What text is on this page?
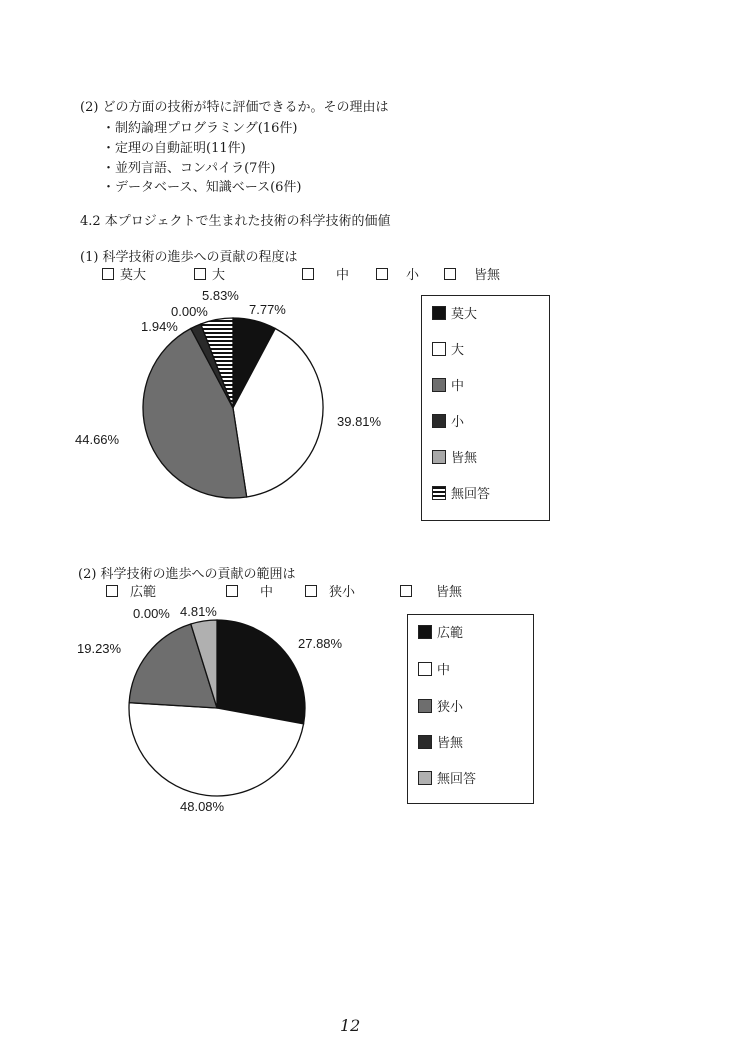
(2) どの方面の技術が特に評価できるか。その理由は
・制約論理プログラミング(16件)
・定理の自動証明(11件)
・並列言語、コンパイラ(7件)
・データベース、知識ベース(6件)
4.2 本プロジェクトで生まれた技術の科学技術的価値
(1) 科学技術の進歩への貢献の程度は
莫大	大	中	小	皆無
5.83%
0.00%	7.77%
1.94%
39.81%
44.66%
莫大
大
中
小
皆無
無回答
(2) 科学技術の進歩への貢献の範囲は
広範	中	狭小	皆無
0.00% 4.81%
27.88%
19.23%
48.08%
広範
中
狭小
皆無
無回答
12
